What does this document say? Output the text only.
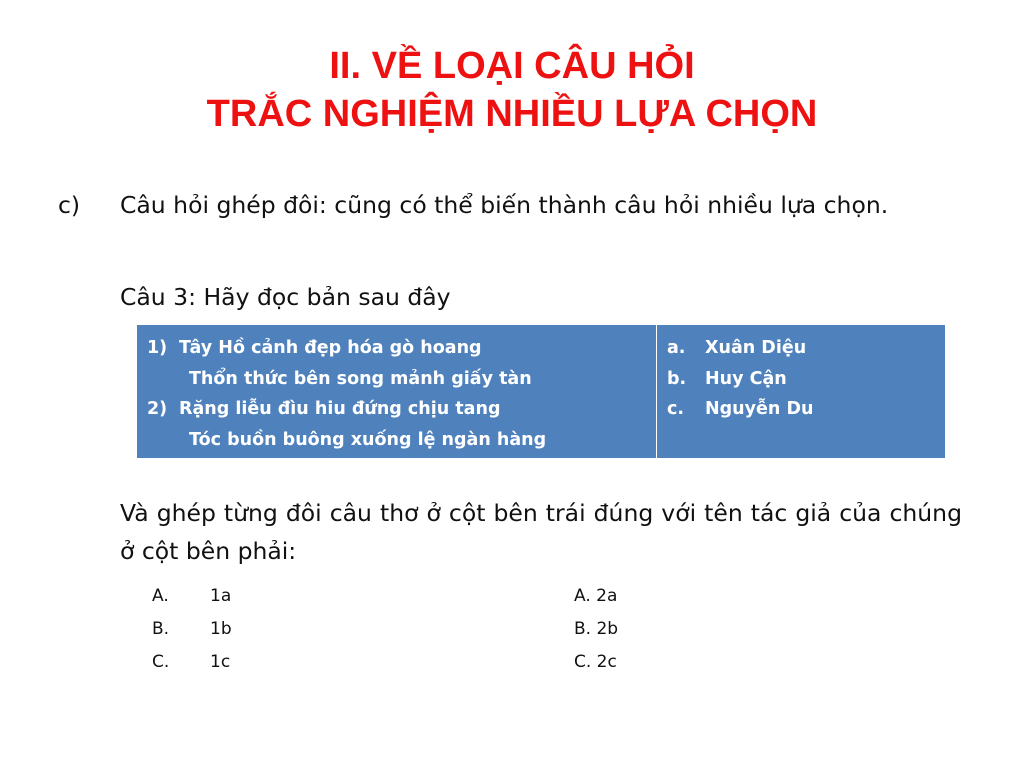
II. VỀ LOẠI CÂU HỎI
TRẮC NGHIỆM NHIỀU LỰA CHỌN
c) Câu hỏi ghép đôi: cũng có thể biến thành câu hỏi nhiều lựa chọn.
Câu 3: Hãy đọc bản sau đây
1) Tây Hồ cảnh đẹp hóa gò hoang
Thổn thức bên song mảnh giấy tàn
2) Rặng liễu đìu hiu đứng chịu tang
Tóc buồn buông xuống lệ ngàn hàng
a. Xuân Diệu
b. Huy Cận
c. Nguyễn Du
Và ghép từng đôi câu thơ ở cột bên trái đúng với tên tác giả của chúng ở cột bên phải:
A. 1a
B. 1b
C. 1c
A. 2a
B. 2b
C. 2c
